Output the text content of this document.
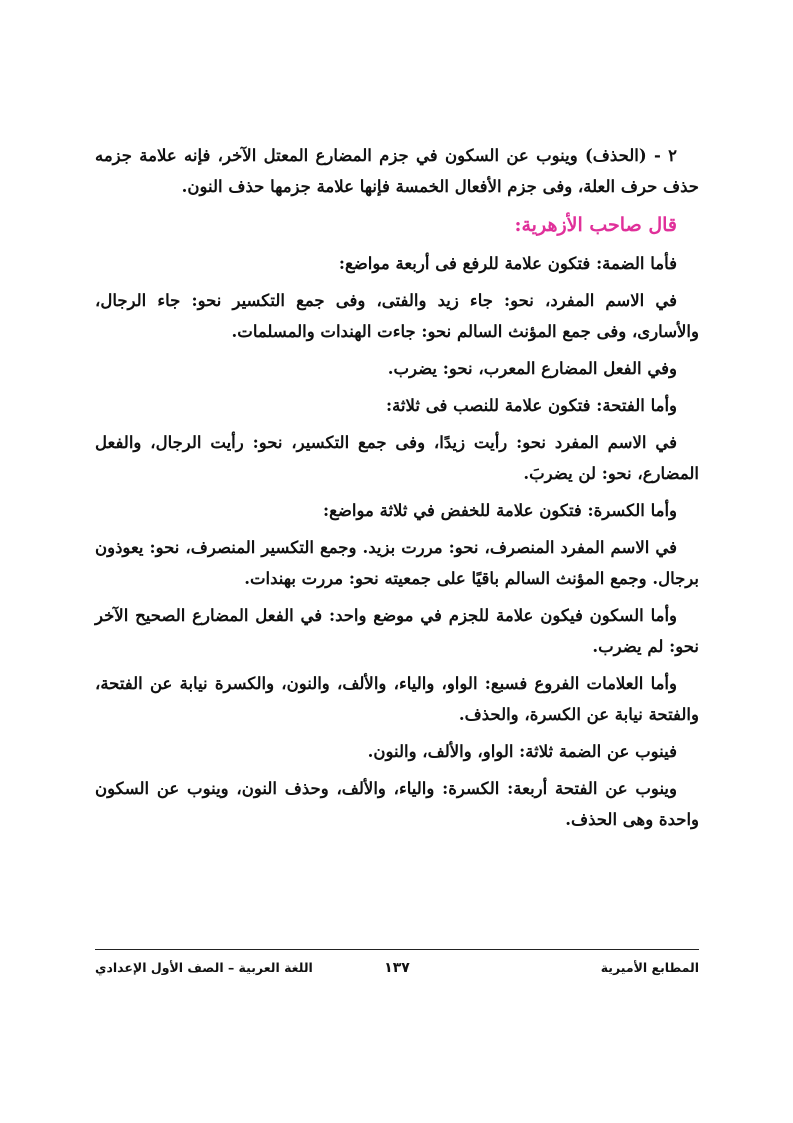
٢ - (الحذف) وينوب عن السكون في جزم المضارع المعتل الآخر، فإنه علامة جزمه حذف حرف العلة، وفى جزم الأفعال الخمسة فإنها علامة جزمها حذف النون.

قال صاحب الأزهرية:

فأما الضمة: فتكون علامة للرفع فى أربعة مواضع:

في الاسم المفرد، نحو: جاء زيد والفتى، وفى جمع التكسير نحو: جاء الرجال، والأسارى، وفى جمع المؤنث السالم نحو: جاءت الهندات والمسلمات.

وفي الفعل المضارع المعرب، نحو: يضرب.

وأما الفتحة: فتكون علامة للنصب فى ثلاثة:

في الاسم المفرد نحو: رأيت زيدًا، وفى جمع التكسير، نحو: رأيت الرجال، والفعل المضارع، نحو: لن يضربَ.

وأما الكسرة: فتكون علامة للخفض في ثلاثة مواضع:

في الاسم المفرد المنصرف، نحو: مررت بزيد. وجمع التكسير المنصرف، نحو: يعوذون برجال. وجمع المؤنث السالم باقيًا على جمعيته نحو: مررت بهندات.

وأما السكون فيكون علامة للجزم في موضع واحد: في الفعل المضارع الصحيح الآخر نحو: لم يضرب.

وأما العلامات الفروع فسبع: الواو، والياء، والألف، والنون، والكسرة نيابة عن الفتحة، والفتحة نيابة عن الكسرة، والحذف.

فينوب عن الضمة ثلاثة: الواو، والألف، والنون.

وينوب عن الفتحة أربعة: الكسرة: والياء، والألف، وحذف النون، وينوب عن السكون واحدة وهى الحذف.

المطابع الأميرية
١٣٧
اللغة العربية – الصف الأول الإعدادي
